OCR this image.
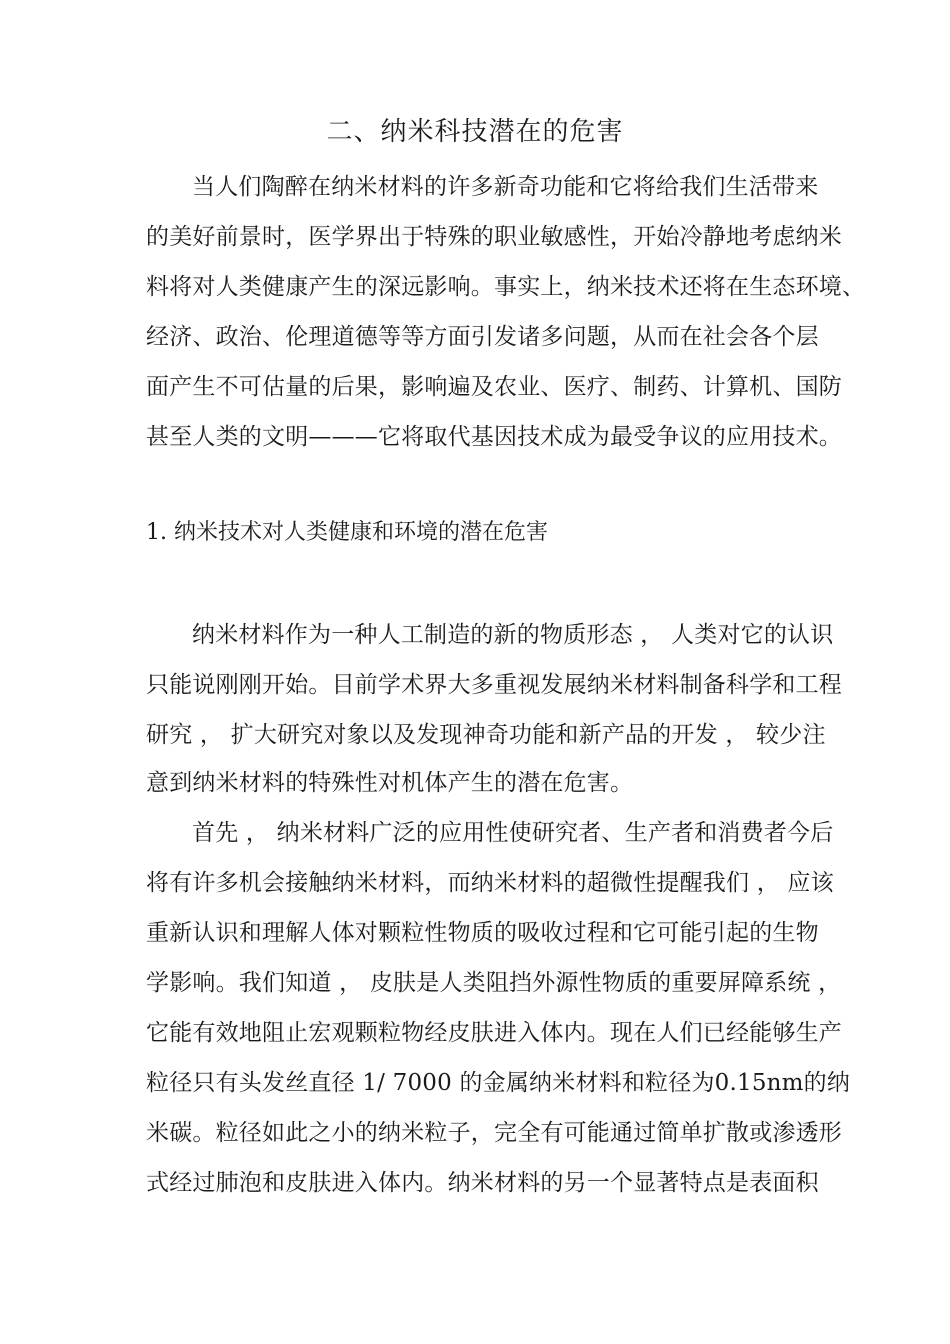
二、纳米科技潜在的危害
当人们陶醉在纳米材料的许多新奇功能和它将给我们生活带来
的美好前景时，医学界出于特殊的职业敏感性，开始冷静地考虑纳米
料将对人类健康产生的深远影响。事实上，纳米技术还将在生态环境、
经济、政治、伦理道德等等方面引发诸多问题，从而在社会各个层
面产生不可估量的后果，影响遍及农业、医疗、制药、计算机、国防
甚至人类的文明———它将取代基因技术成为最受争议的应用技术。
1. 纳米技术对人类健康和环境的潜在危害
纳米材料作为一种人工制造的新的物质形态 ， 人类对它的认识
只能说刚刚开始。目前学术界大多重视发展纳米材料制备科学和工程
研究 ， 扩大研究对象以及发现神奇功能和新产品的开发 ， 较少注
意到纳米材料的特殊性对机体产生的潜在危害。
首先 ， 纳米材料广泛的应用性使研究者、生产者和消费者今后
将有许多机会接触纳米材料，而纳米材料的超微性提醒我们 ， 应该
重新认识和理解人体对颗粒性物质的吸收过程和它可能引起的生物
学影响。我们知道 ， 皮肤是人类阻挡外源性物质的重要屏障系统 ，
它能有效地阻止宏观颗粒物经皮肤进入体内。现在人们已经能够生产
粒径只有头发丝直径 1/ 7000 的金属纳米材料和粒径为0.15nm的纳
米碳。粒径如此之小的纳米粒子，完全有可能通过简单扩散或渗透形
式经过肺泡和皮肤进入体内。纳米材料的另一个显著特点是表面积
